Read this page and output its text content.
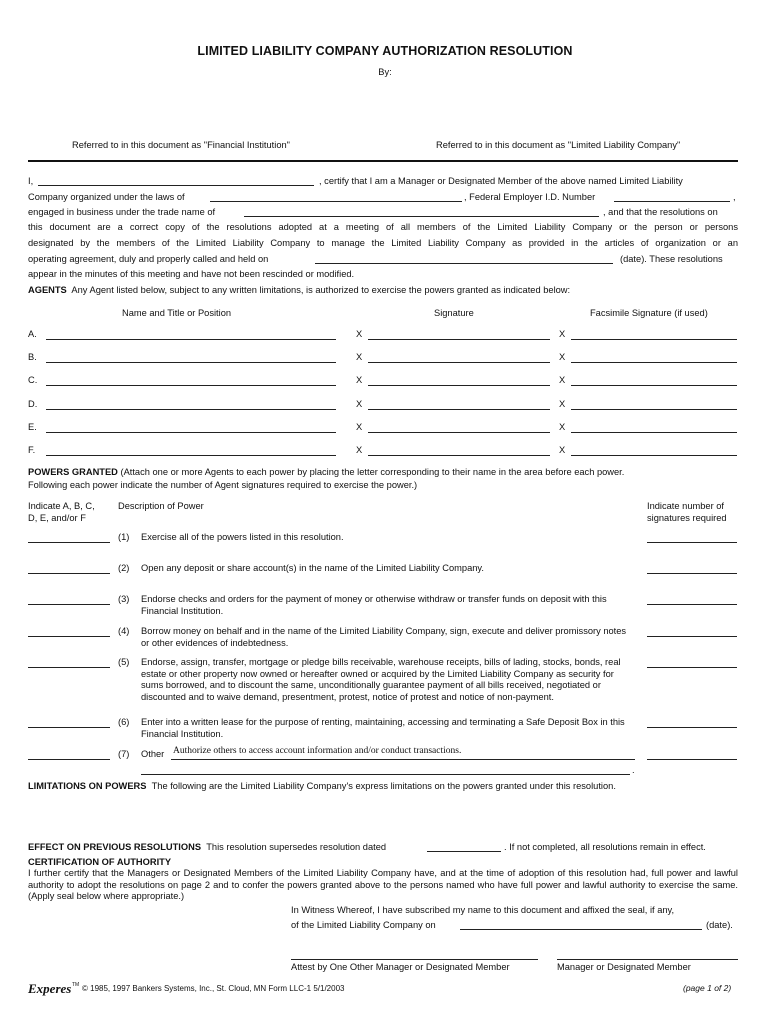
LIMITED LIABILITY COMPANY AUTHORIZATION RESOLUTION
By:
Referred to in this document as "Financial Institution"	Referred to in this document as "Limited Liability Company"
I,	, certify that I am a Manager or Designated Member of the above named Limited Liability
Company organized under the laws of	, Federal Employer I.D. Number	,
engaged in business under the trade name of	, and that the resolutions on
this document are a correct copy of the resolutions adopted at a meeting of all members of the Limited Liability Company or the person or persons
designated by the members of the Limited Liability Company to manage the Limited Liability Company as provided in the articles of organization or an
operating agreement, duly and properly called and held on	(date). These resolutions
appear in the minutes of this meeting and have not been rescinded or modified.
AGENTS Any Agent listed below, subject to any written limitations, is authorized to exercise the powers granted as indicated below:
Name and Title or Position	Signature	Facsimile Signature (if used)
A.	X	X
B.	X	X
C.	X	X
D.	X	X
E.	X	X
F.	X	X
POWERS GRANTED (Attach one or more Agents to each power by placing the letter corresponding to their name in the area before each power.
Following each power indicate the number of Agent signatures required to exercise the power.)
Indicate A, B, C,
D, E, and/or F
Description of Power	Indicate number of
signatures required
(1) Exercise all of the powers listed in this resolution.
(2) Open any deposit or share account(s) in the name of the Limited Liability Company.
(3) Endorse checks and orders for the payment of money or otherwise withdraw or transfer funds on deposit with this Financial Institution.
(4) Borrow money on behalf and in the name of the Limited Liability Company, sign, execute and deliver promissory notes or other evidences of indebtedness.
(5) Endorse, assign, transfer, mortgage or pledge bills receivable, warehouse receipts, bills of lading, stocks, bonds, real estate or other property now owned or hereafter owned or acquired by the Limited Liability Company as security for sums borrowed, and to discount the same, unconditionally guarantee payment of all bills received, negotiated or discounted and to waive demand, presentment, protest, notice of protest and notice of non-payment.
(6) Enter into a written lease for the purpose of renting, maintaining, accessing and terminating a Safe Deposit Box in this Financial Institution.
(7) Other Authorize others to access account information and/or conduct transactions.
.
LIMITATIONS ON POWERS The following are the Limited Liability Company's express limitations on the powers granted under this resolution.
EFFECT ON PREVIOUS RESOLUTIONS This resolution supersedes resolution dated	. If not completed, all resolutions remain in effect.
CERTIFICATION OF AUTHORITY
I further certify that the Managers or Designated Members of the Limited Liability Company have, and at the time of adoption of this resolution had, full power and lawful authority to adopt the resolutions on page 2 and to confer the powers granted above to the persons named who have full power and lawful authority to exercise the same. (Apply seal below where appropriate.)
In Witness Whereof, I have subscribed my name to this document and affixed the seal, if any,
of the Limited Liability Company on	(date).
Attest by One Other Manager or Designated Member	Manager or Designated Member
Experes TM © 1985, 1997 Bankers Systems, Inc., St. Cloud, MN Form LLC-1 5/1/2003	(page 1 of 2)
